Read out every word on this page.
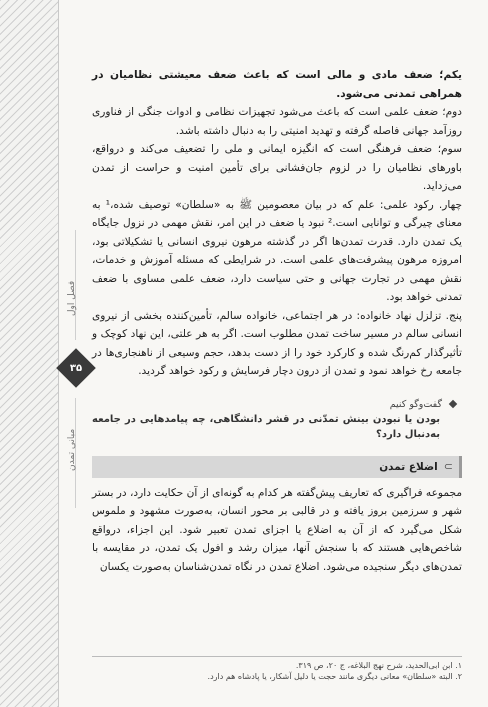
فصل اول
۳۵
مبانی تمدن

یکم؛ ضعف مادی و مالی است که باعث ضعف معیشتی نظامیان در همراهی تمدنی می‌شود.

دوم؛ ضعف علمی است که باعث می‌شود تجهیزات نظامی و ادوات جنگی از فناوری روزآمد جهانی فاصله گرفته و تهدید امنیتی را به دنبال داشته باشد.

سوم؛ ضعف فرهنگی است که انگیزه ایمانی و ملی را تضعیف می‌کند و درواقع، باورهای نظامیان را در لزوم جان‌فشانی برای تأمین امنیت و حراست از تمدن می‌زداید.

چهار. رکود علمی: علم که در بیان معصومین ﷺ به «سلطان» توصیف شده،¹ به معنای چیرگی و توانایی است.² نبود یا ضعف در این امر، نقش مهمی در نزول جایگاه یک تمدن دارد. قدرت تمدن‌ها اگر در گذشته مرهون نیروی انسانی یا تشکیلاتی بود، امروزه مرهون پیشرفت‌های علمی است. در شرایطی که مسئله آموزش و خدمات، نقش مهمی در تجارت جهانی و حتی سیاست دارد، ضعف علمی مساوی با ضعف تمدنی خواهد بود.

پنج. تزلزل نهاد خانواده: در هر اجتماعی، خانواده سالم، تأمین‌کننده بخشی از نیروی انسانی سالم در مسیر ساخت تمدن مطلوب است. اگر به هر علتی، این نهاد کوچک و تأثیرگذار کم‌رنگ شده و کارکرد خود را از دست بدهد، حجم وسیعی از ناهنجاری‌ها در جامعه رخ خواهد نمود و تمدن از درون دچار فرسایش و رکود خواهد گردید.

گفت‌وگو کنیم
بودن یا نبودن بینش تمدّنی در قشر دانشگاهی، چه پیامدهایی در جامعه به‌دنبال دارد؟
⊃
اضلاع تمدن

مجموعه فراگیری که تعاریف پیش‌گفته هر کدام به گونه‌ای از آن حکایت دارد، در بستر شهر و سرزمین بروز یافته و در قالبی بر محور انسان، به‌صورت مشهود و ملموس شکل می‌گیرد که از آن به اضلاع یا اجزای تمدن تعبیر شود. این اجزاء، درواقع شاخص‌هایی هستند که با سنجش آنها، میزان رشد و افول یک تمدن، در مقایسه با تمدن‌های دیگر سنجیده می‌شود. اضلاع تمدن در نگاه تمدن‌شناسان به‌صورت یکسان

۱. ابن ابی‌الحدید، شرح نهج البلاغه، ج ۲۰، ص ۳۱۹.
۲. البته «سلطان» معانی دیگری مانند حجت یا دلیل آشکار، یا پادشاه هم دارد.
